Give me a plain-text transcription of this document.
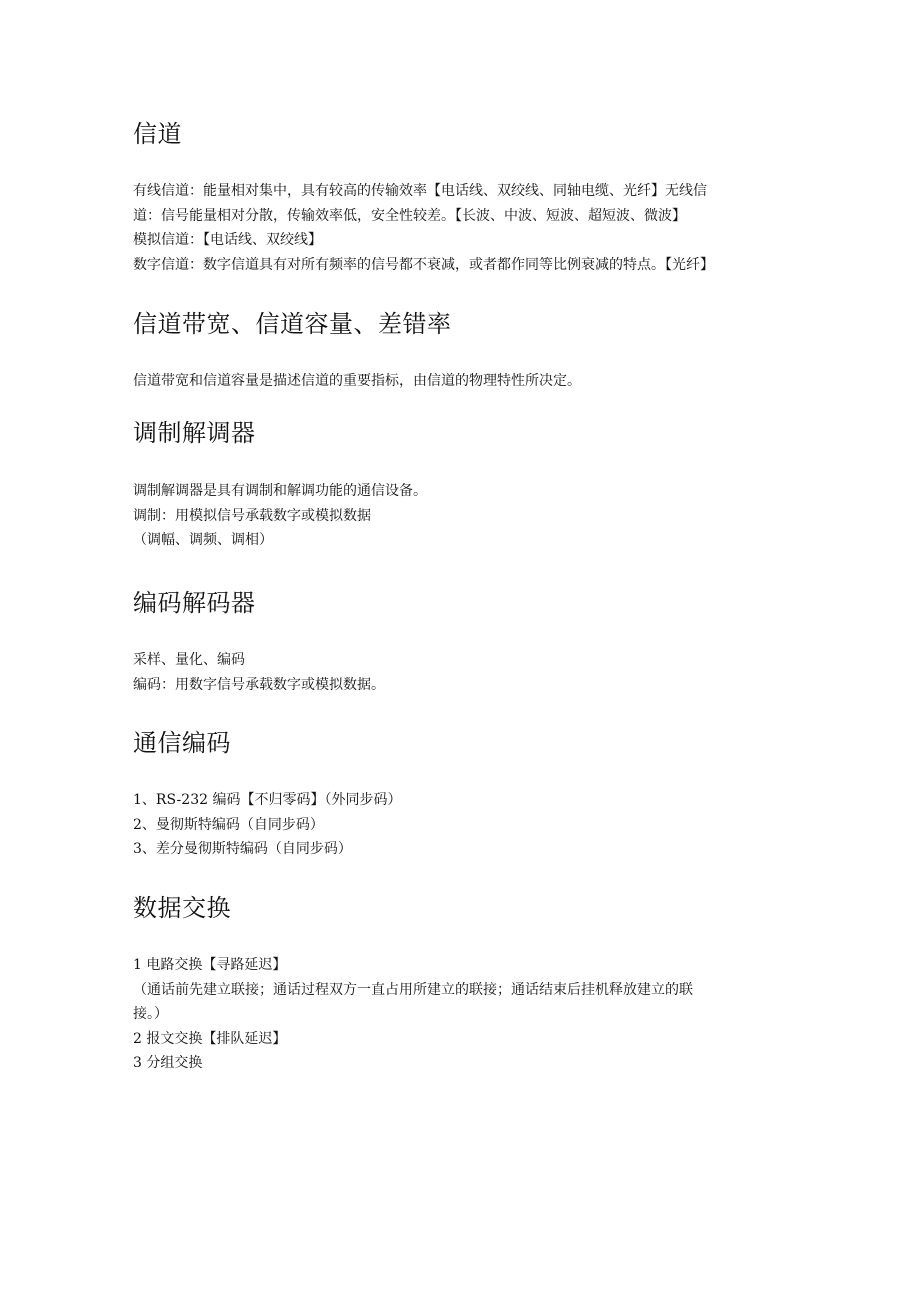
信道
有线信道：能量相对集中，具有较高的传输效率【电话线、双绞线、同轴电缆、光纤】无线信
道：信号能量相对分散，传输效率低，安全性较差。【长波、中波、短波、超短波、微波】
模拟信道：【电话线、双绞线】
数字信道：数字信道具有对所有频率的信号都不衰减，或者都作同等比例衰减的特点。【光纤】
信道带宽、信道容量、差错率
信道带宽和信道容量是描述信道的重要指标，由信道的物理特性所决定。
调制解调器
调制解调器是具有调制和解调功能的通信设备。
调制：用模拟信号承载数字或模拟数据
（调幅、调频、调相）
编码解码器
采样、量化、编码
编码：用数字信号承载数字或模拟数据。
通信编码
1、RS-232 编码【不归零码】（外同步码）
2、曼彻斯特编码（自同步码）
3、差分曼彻斯特编码（自同步码）
数据交换
1 电路交换【寻路延迟】
（通话前先建立联接；通话过程双方一直占用所建立的联接；通话结束后挂机释放建立的联
接。）
2 报文交换【排队延迟】
3 分组交换
